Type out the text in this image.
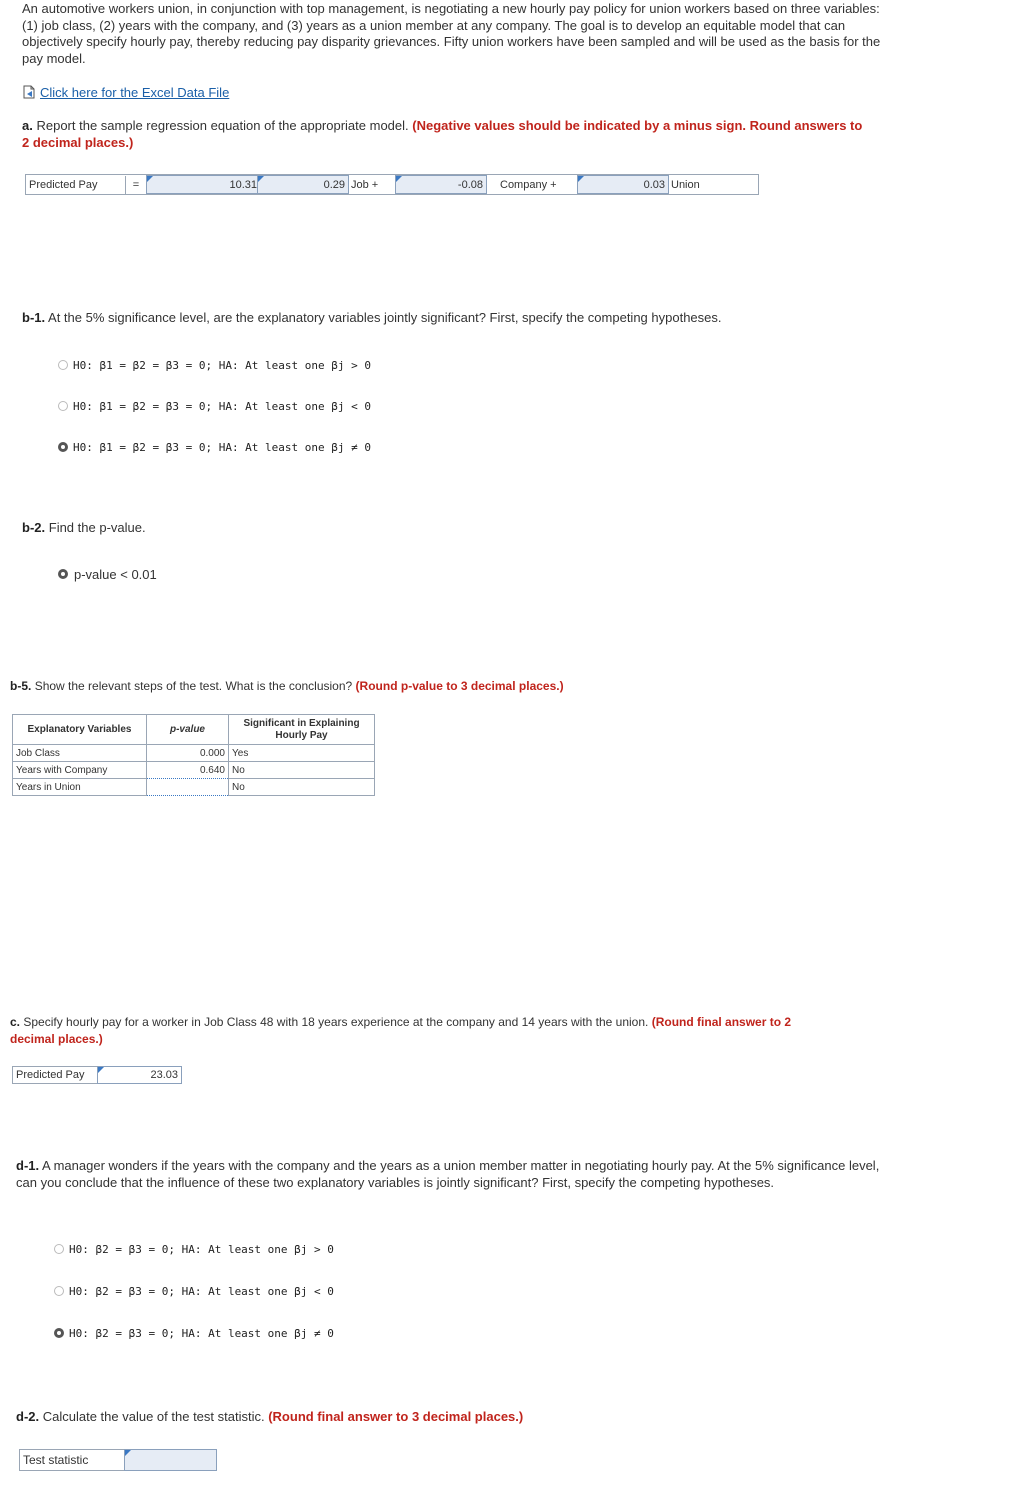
An automotive workers union, in conjunction with top management, is negotiating a new hourly pay policy for union workers based on three variables: (1) job class, (2) years with the company, and (3) years as a union member at any company. The goal is to develop an equitable model that can objectively specify hourly pay, thereby reducing pay disparity grievances. Fifty union workers have been sampled and will be used as the basis for the pay model.
Click here for the Excel Data File
a. Report the sample regression equation of the appropriate model. (Negative values should be indicated by a minus sign. Round answers to 2 decimal places.)
Predicted Pay	=	10.31	0.29 Job +	-0.08	Company +	0.03 Union
b-1. At the 5% significance level, are the explanatory variables jointly significant? First, specify the competing hypotheses.
H0: β1 = β2 = β3 = 0; HA: At least one βj > 0
H0: β1 = β2 = β3 = 0; HA: At least one βj < 0
H0: β1 = β2 = β3 = 0; HA: At least one βj ≠ 0
b-2. Find the p-value.
p-value < 0.01
b-5. Show the relevant steps of the test. What is the conclusion? (Round p-value to 3 decimal places.)
Explanatory Variables	p-value	Significant in Explaining Hourly Pay
Job Class	0.000	Yes
Years with Company	0.640	No
Years in Union		No
c. Specify hourly pay for a worker in Job Class 48 with 18 years experience at the company and 14 years with the union. (Round final answer to 2 decimal places.)
Predicted Pay	23.03
d-1. A manager wonders if the years with the company and the years as a union member matter in negotiating hourly pay. At the 5% significance level, can you conclude that the influence of these two explanatory variables is jointly significant? First, specify the competing hypotheses.
H0: β2 = β3 = 0; HA: At least one βj > 0
H0: β2 = β3 = 0; HA: At least one βj < 0
H0: β2 = β3 = 0; HA: At least one βj ≠ 0
d-2. Calculate the value of the test statistic. (Round final answer to 3 decimal places.)
Test statistic
